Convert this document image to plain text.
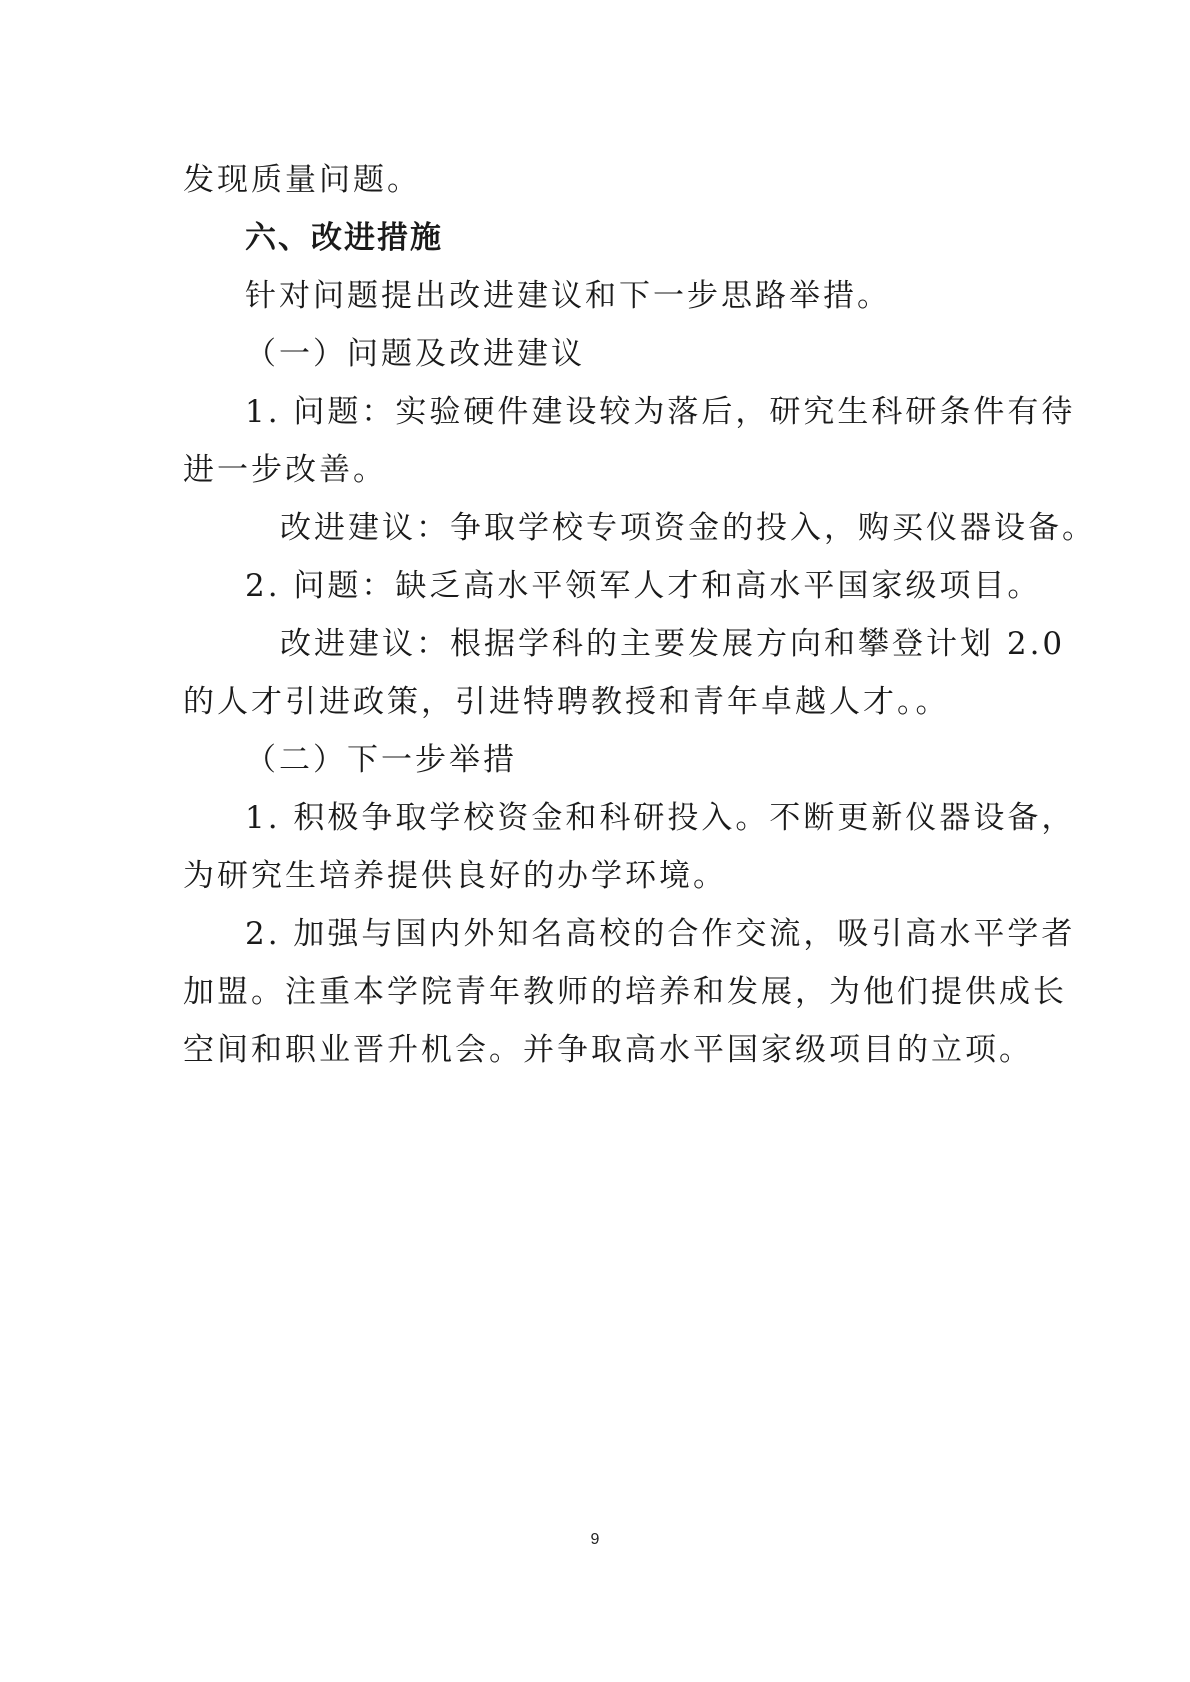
发现质量问题。
六、改进措施
针对问题提出改进建议和下一步思路举措。
（一）问题及改进建议
1. 问题：实验硬件建设较为落后，研究生科研条件有待
进一步改善。
改进建议：争取学校专项资金的投入，购买仪器设备。
2. 问题：缺乏高水平领军人才和高水平国家级项目。
改进建议：根据学科的主要发展方向和攀登计划 2.0
的人才引进政策，引进特聘教授和青年卓越人才。。
（二）下一步举措
1. 积极争取学校资金和科研投入。不断更新仪器设备，
为研究生培养提供良好的办学环境。
2. 加强与国内外知名高校的合作交流，吸引高水平学者
加盟。注重本学院青年教师的培养和发展，为他们提供成长
空间和职业晋升机会。并争取高水平国家级项目的立项。
9
